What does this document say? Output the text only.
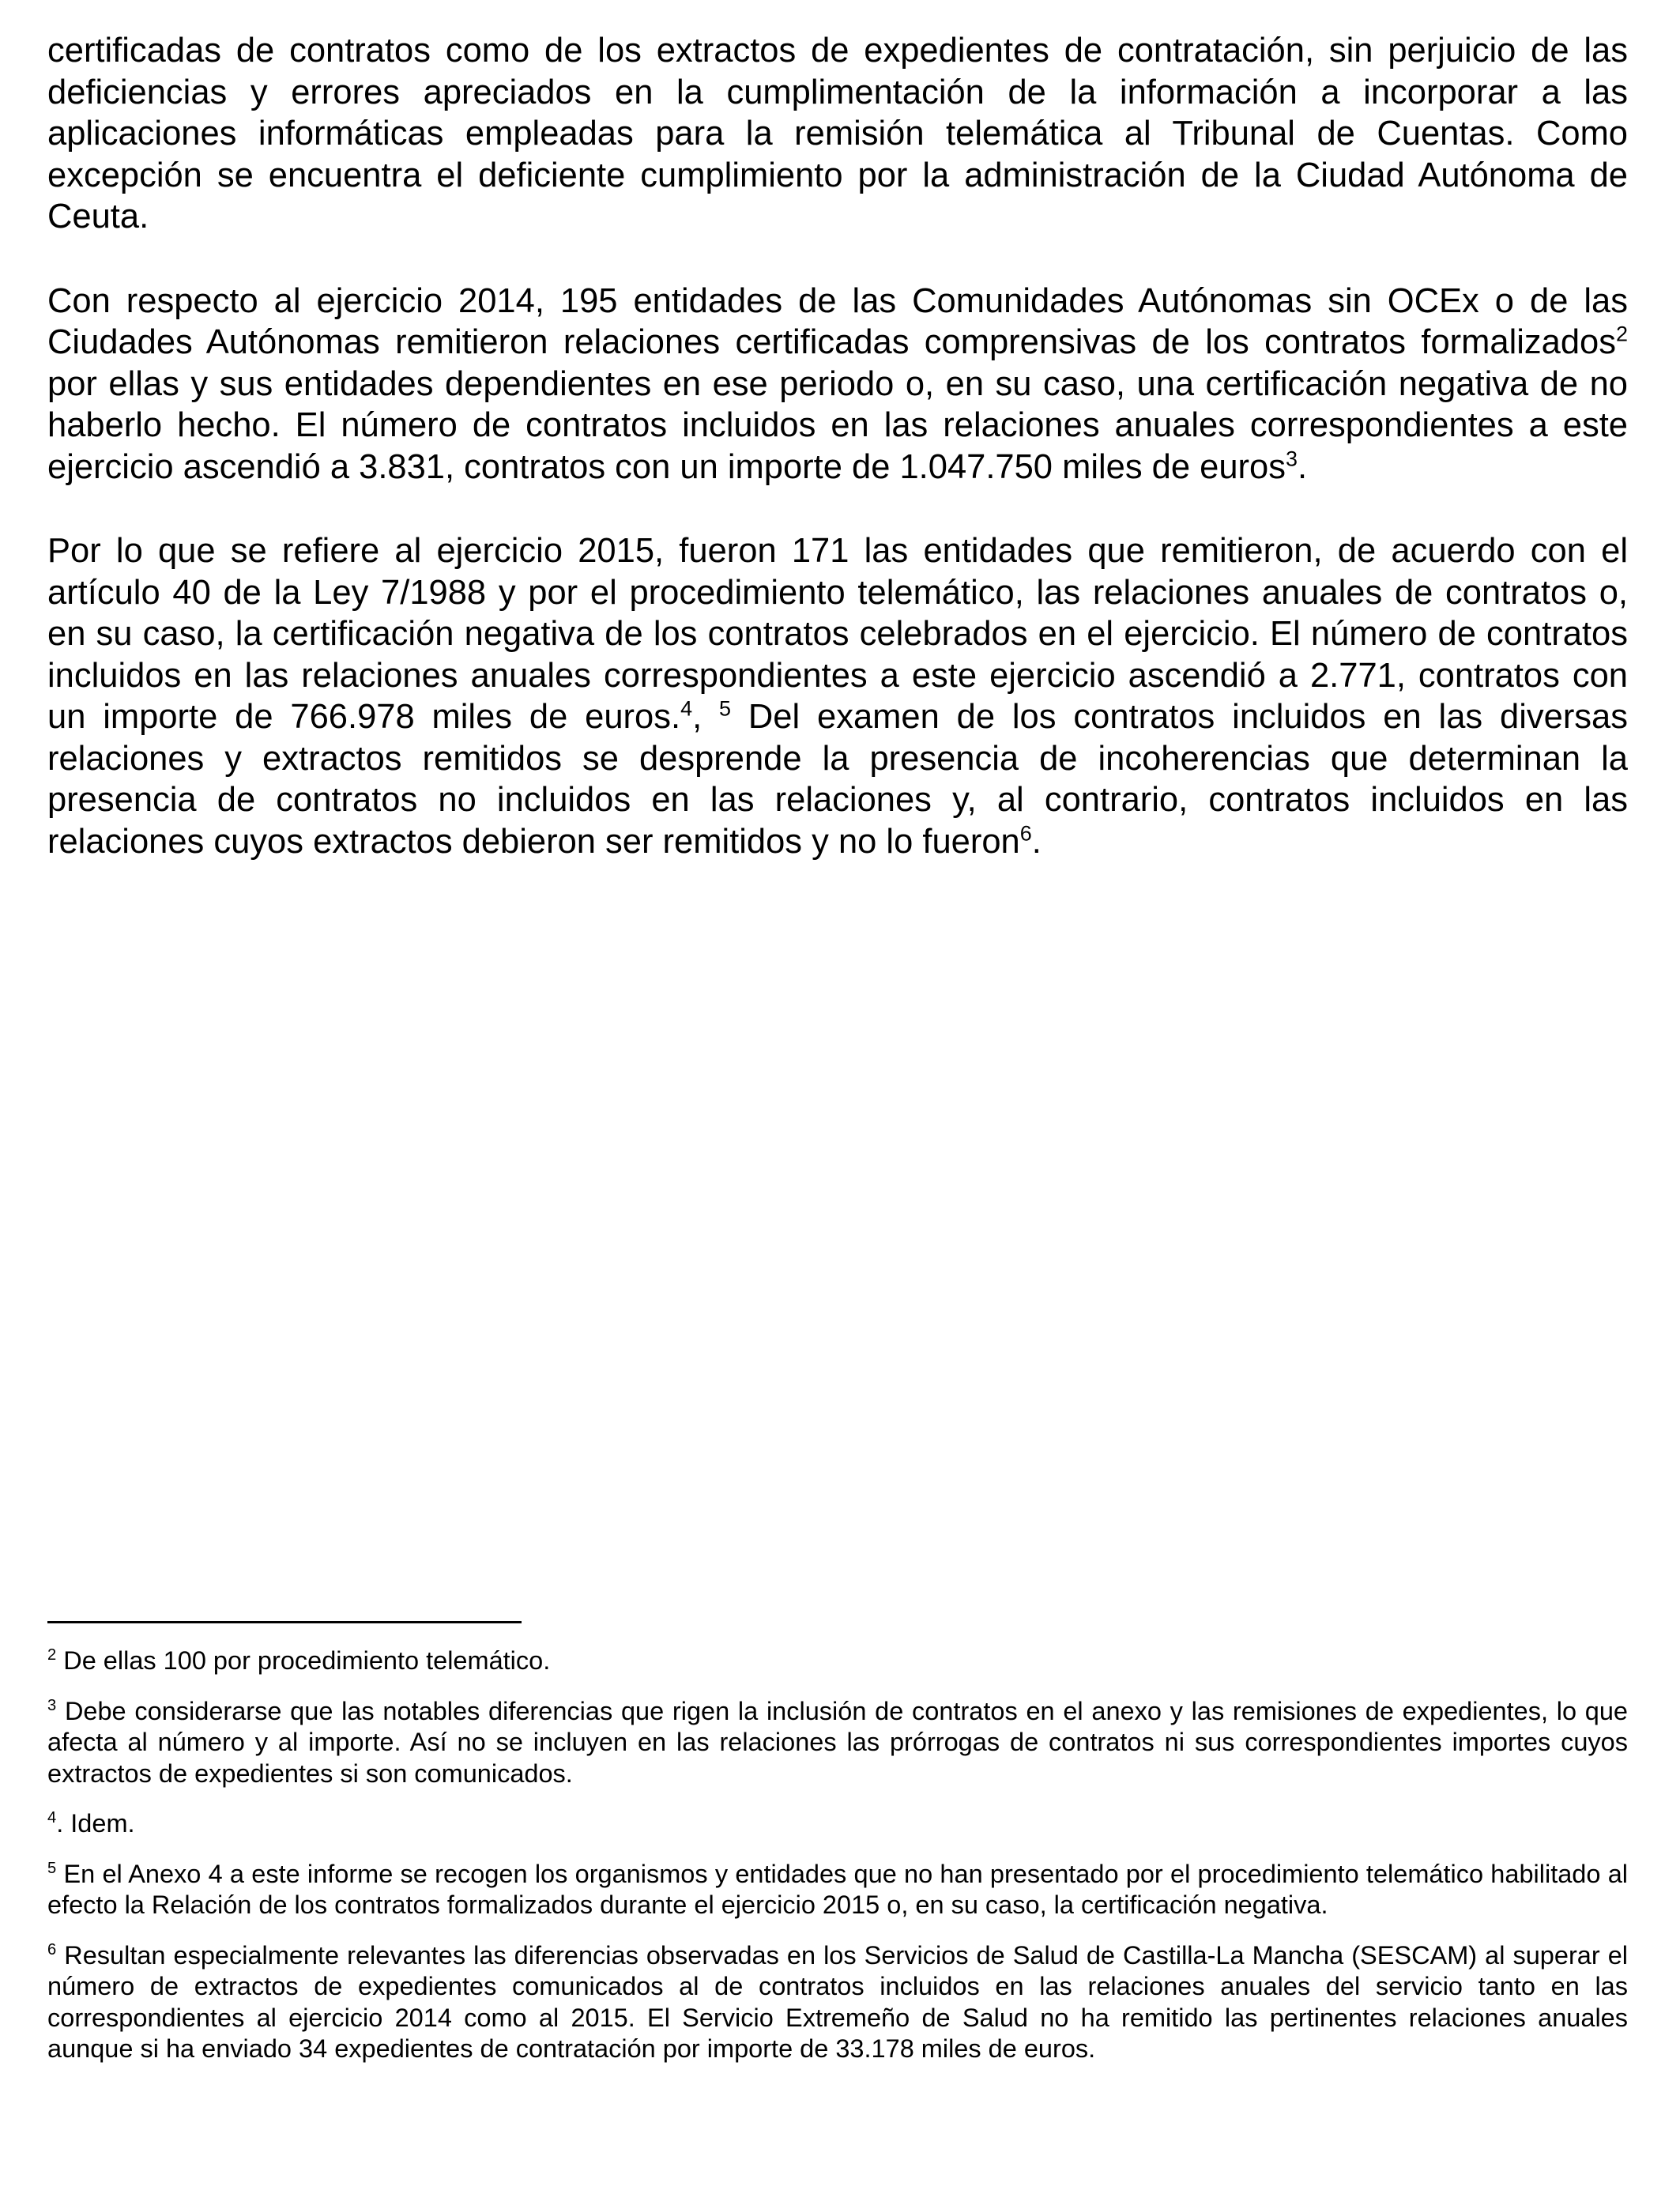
certificadas de contratos como de los extractos de expedientes de contratación, sin perjuicio de las deficiencias y errores apreciados en la cumplimentación de la información a incorporar a las aplicaciones informáticas empleadas para la remisión telemática al Tribunal de Cuentas. Como excepción se encuentra el deficiente cumplimiento por la administración de la Ciudad Autónoma de Ceuta.

Con respecto al ejercicio 2014, 195 entidades de las Comunidades Autónomas sin OCEx o de las Ciudades Autónomas remitieron relaciones certificadas comprensivas de los contratos formalizados$^2$ por ellas y sus entidades dependientes en ese periodo o, en su caso, una certificación negativa de no haberlo hecho. El número de contratos incluidos en las relaciones anuales correspondientes a este ejercicio ascendió a 3.831, contratos con un importe de 1.047.750 miles de euros$^3$.

Por lo que se refiere al ejercicio 2015, fueron 171 las entidades que remitieron, de acuerdo con el artículo 40 de la Ley 7/1988 y por el procedimiento telemático, las relaciones anuales de contratos o, en su caso, la certificación negativa de los contratos celebrados en el ejercicio. El número de contratos incluidos en las relaciones anuales correspondientes a este ejercicio ascendió a 2.771, contratos con un importe de 766.978 miles de euros.$^4$, $^5$ Del examen de los contratos incluidos en las diversas relaciones y extractos remitidos se desprende la presencia de incoherencias que determinan la presencia de contratos no incluidos en las relaciones y, al contrario, contratos incluidos en las relaciones cuyos extractos debieron ser remitidos y no lo fueron$^6$.

$^2$ De ellas 100 por procedimiento telemático.

$^3$ Debe considerarse que las notables diferencias que rigen la inclusión de contratos en el anexo y las remisiones de expedientes, lo que afecta al número y al importe. Así no se incluyen en las relaciones las prórrogas de contratos ni sus correspondientes importes cuyos extractos de expedientes si son comunicados.

$^4$. Idem.

$^5$ En el Anexo 4 a este informe se recogen los organismos y entidades que no han presentado por el procedimiento telemático habilitado al efecto la Relación de los contratos formalizados durante el ejercicio 2015 o, en su caso, la certificación negativa.

$^6$ Resultan especialmente relevantes las diferencias observadas en los Servicios de Salud de Castilla-La Mancha (SESCAM) al superar el número de extractos de expedientes comunicados al de contratos incluidos en las relaciones anuales del servicio tanto en las correspondientes al ejercicio 2014 como al 2015. El Servicio Extremeño de Salud no ha remitido las pertinentes relaciones anuales aunque si ha enviado 34 expedientes de contratación por importe de 33.178 miles de euros.
